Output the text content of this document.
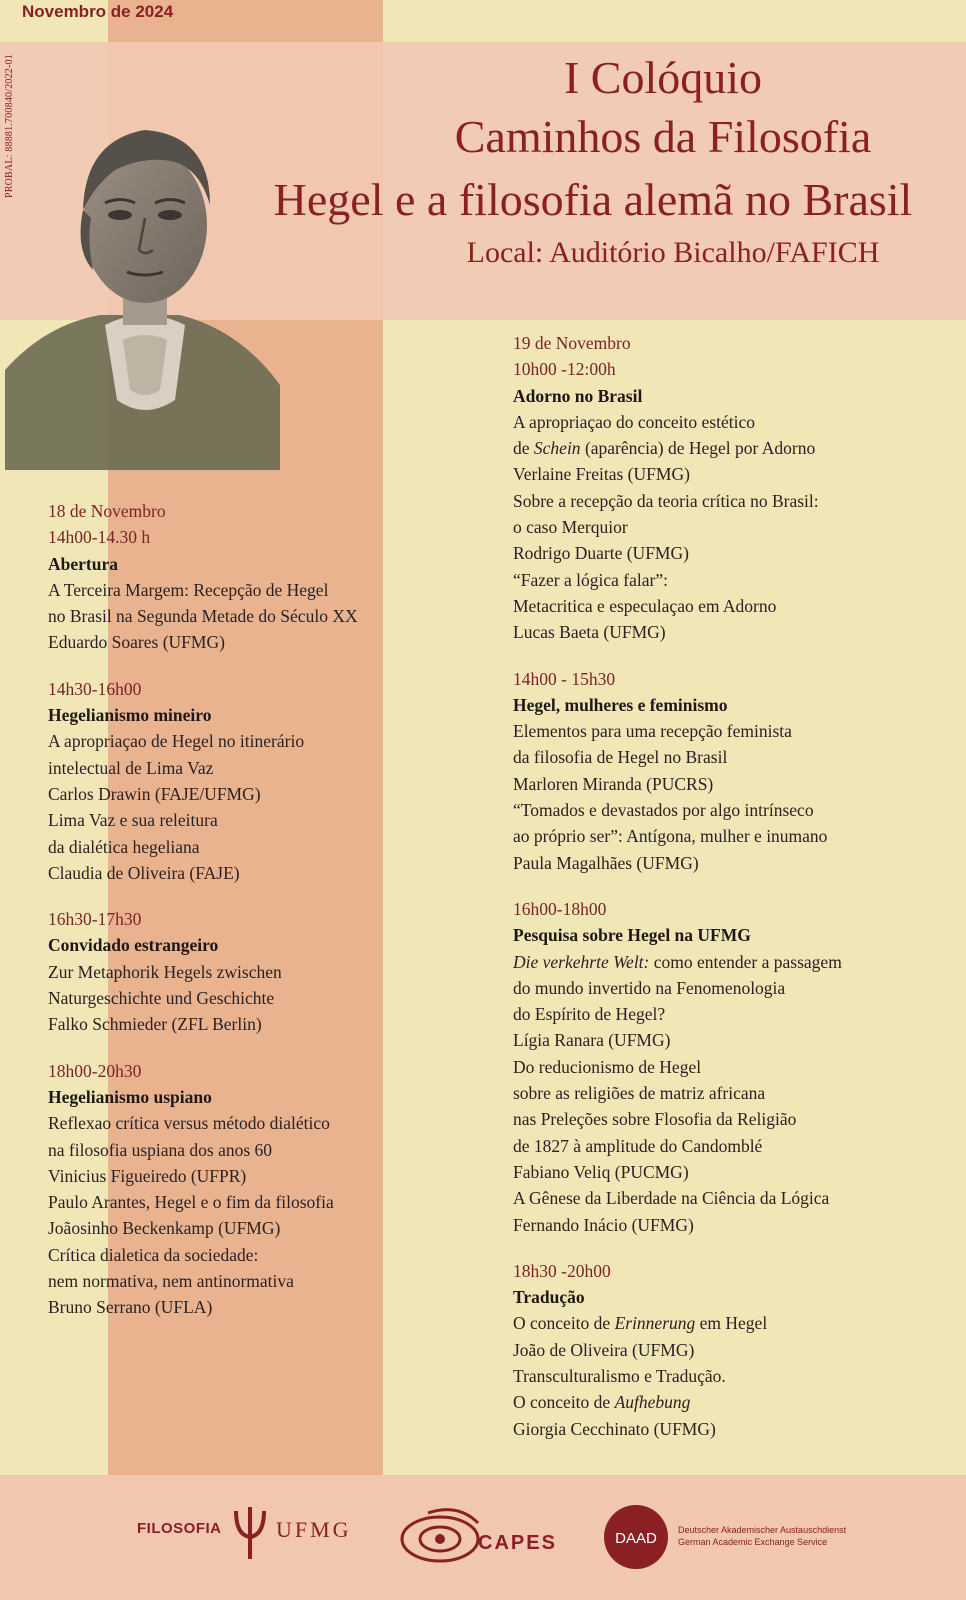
Novembro de 2024
PROBAL: 88881.700840/2022-01	I Colóquio
Caminhos da Filosofia
Hegel e a filosofia alemã no Brasil
Local: Auditório Bicalho/FAFICH
18 de Novembro
14h00-14.30 h
Abertura
A Terceira Margem: Recepção de Hegel
no Brasil na Segunda Metade do Século XX
Eduardo Soares (UFMG)
14h30-16h00
Hegelianismo mineiro
A apropriaçao de Hegel no itinerário
intelectual de Lima Vaz
Carlos Drawin (FAJE/UFMG)
Lima Vaz e sua releitura
da dialética hegeliana
Claudia de Oliveira (FAJE)
16h30-17h30
Convidado estrangeiro
Zur Metaphorik Hegels zwischen
Naturgeschichte und Geschichte
Falko Schmieder (ZFL Berlin)
18h00-20h30
Hegelianismo uspiano
Reflexao crítica versus método dialético
na filosofia uspiana dos anos 60
Vinicius Figueiredo (UFPR)
Paulo Arantes, Hegel e o fim da filosofia
Joãosinho Beckenkamp (UFMG)
Crítica dialetica da sociedade:
nem normativa, nem antinormativa
Bruno Serrano (UFLA)
19 de Novembro
10h00 -12:00h
Adorno no Brasil
A apropriaçao do conceito estético
de Schein (aparência) de Hegel por Adorno
Verlaine Freitas (UFMG)
Sobre a recepção da teoria crítica no Brasil:
o caso Merquior
Rodrigo Duarte (UFMG)
“Fazer a lógica falar”:
Metacritica e especulaçao em Adorno
Lucas Baeta (UFMG)
14h00 - 15h30
Hegel, mulheres e feminismo
Elementos para uma recepção feminista
da filosofia de Hegel no Brasil
Marloren Miranda (PUCRS)
“Tomados e devastados por algo intrínseco
ao próprio ser”: Antígona, mulher e inumano
Paula Magalhães (UFMG)
16h00-18h00
Pesquisa sobre Hegel na UFMG
Die verkehrte Welt: como entender a passagem
do mundo invertido na Fenomenologia
do Espírito de Hegel?
Lígia Ranara (UFMG)
Do reducionismo de Hegel
sobre as religiões de matriz africana
nas Preleções sobre Flosofia da Religião
de 1827 à amplitude do Candomblé
Fabiano Veliq (PUCMG)
A Gênese da Liberdade na Ciência da Lógica
Fernando Inácio (UFMG)
18h30 -20h00
Tradução
O conceito de Erinnerung em Hegel
João de Oliveira (UFMG)
Transculturalismo e Tradução.
O conceito de Aufhebung
Giorgia Cecchinato (UFMG)
FILOSOFIA UFMG
CAPES	DAAD Deutscher Akademischer Austauschdienst
German Academic Exchange Service
